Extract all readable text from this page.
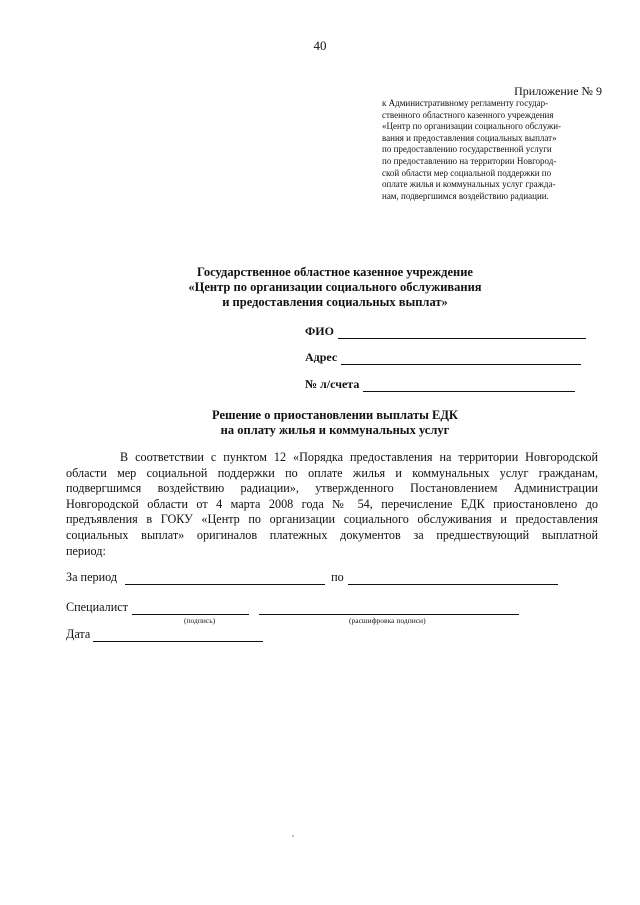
40
Приложение № 9
к Административному регламенту государ-
ственного областного казенного учреждения
«Центр по организации социального обслужи-
вания и предоставления социальных выплат»
по предоставлению государственной услуги
по предоставлению на территории Новгород-
ской области мер социальной поддержки по
оплате жилья и коммунальных услуг гражда-
нам, подвергшимся воздействию радиации.
Государственное областное казенное учреждение
«Центр по организации социального обслуживания
и предоставления социальных выплат»
ФИО
Адрес
№ л/счета
Решение о приостановлении выплаты ЕДК
на оплату жилья и коммунальных услуг
В соответствии с пунктом 12 «Порядка предоставления на территории Новгородской
области мер социальной поддержки по оплате жилья и коммунальных услуг гражданам,
подвергшимся воздействию радиации», утвержденного Постановлением Администрации
Новгородской области от 4 марта 2008 года № 54, перечисление ЕДК приостановлено до
предъявления в ГОКУ «Центр по организации социального обслуживания и предоставления
социальных выплат» оригиналов платежных документов за предшествующий выплатной
период:
За период	по
Специалист
(подпись)	(расшифровка подписи)
Дата
